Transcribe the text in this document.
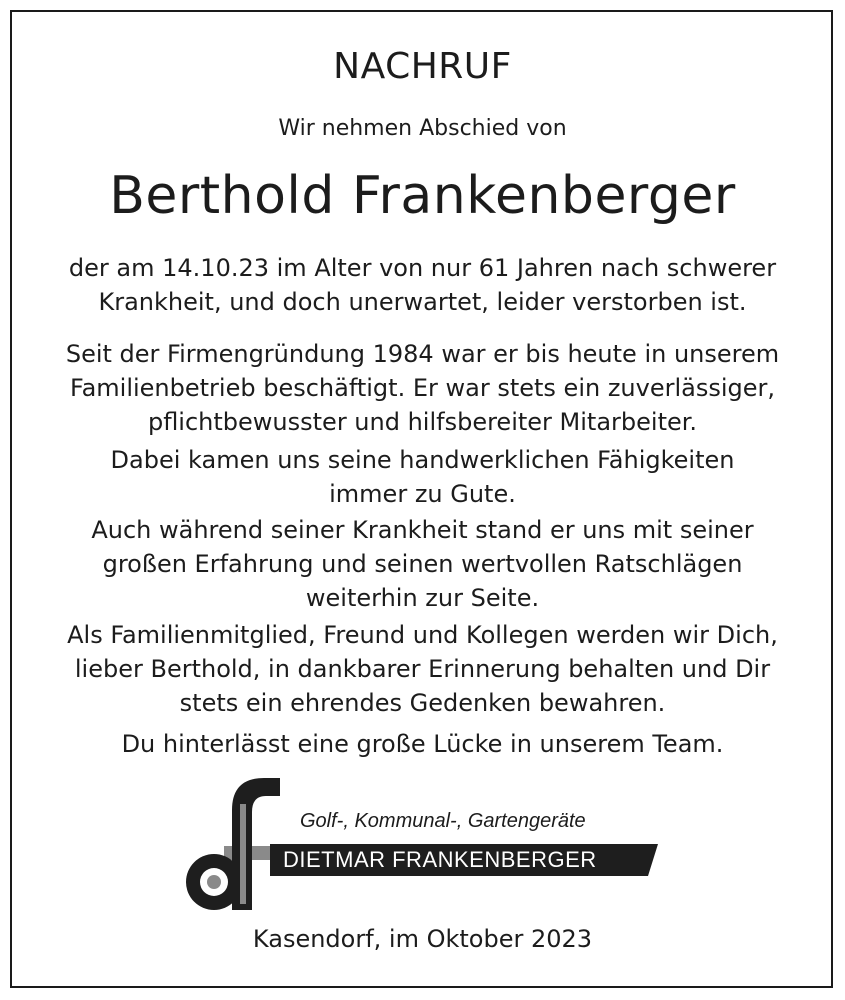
NACHRUF
Wir nehmen Abschied von
Berthold Frankenberger
der am 14.10.23 im Alter von nur 61 Jahren nach schwerer
Krankheit, und doch unerwartet, leider verstorben ist.
Seit der Firmengründung 1984 war er bis heute in unserem
Familienbetrieb beschäftigt. Er war stets ein zuverlässiger,
pflichtbewusster und hilfsbereiter Mitarbeiter.
Dabei kamen uns seine handwerklichen Fähigkeiten
immer zu Gute.
Auch während seiner Krankheit stand er uns mit seiner
großen Erfahrung und seinen wertvollen Ratschlägen
weiterhin zur Seite.
Als Familienmitglied, Freund und Kollegen werden wir Dich,
lieber Berthold, in dankbarer Erinnerung behalten und Dir
stets ein ehrendes Gedenken bewahren.
Du hinterlässt eine große Lücke in unserem Team.
Golf-, Kommunal-, Gartengeräte
DIETMAR FRANKENBERGER
Kasendorf, im Oktober 2023
